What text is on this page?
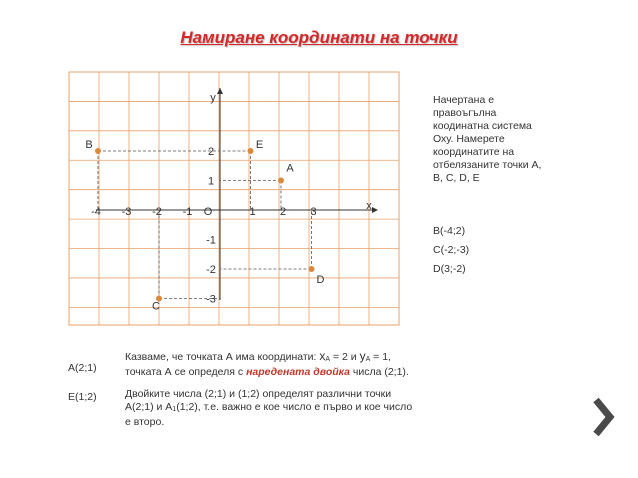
Намиране координати на точки
x
y
O
-4 -3 -2 -1	1 2 3
2
1
-1
-2
-3
A
B
C
D
E
Начертана е
правоъгълна
коодинатна система
Оху. Намерете
координатите на
отбелязаните точки А,
В, С, D, Е
В(-4;2)
С(-2;-3)
D(3;-2)
А(2;1)
Е(1;2)
Казваме, че точката А има координати: xA = 2 и yA = 1,
точката А се определя с наредената двойка числа (2;1).
Двойките числа (2;1) и (1;2) определят различни точки
А(2;1) и А1(1;2), т.е. важно е кое число е първо и кое число
е второ.
